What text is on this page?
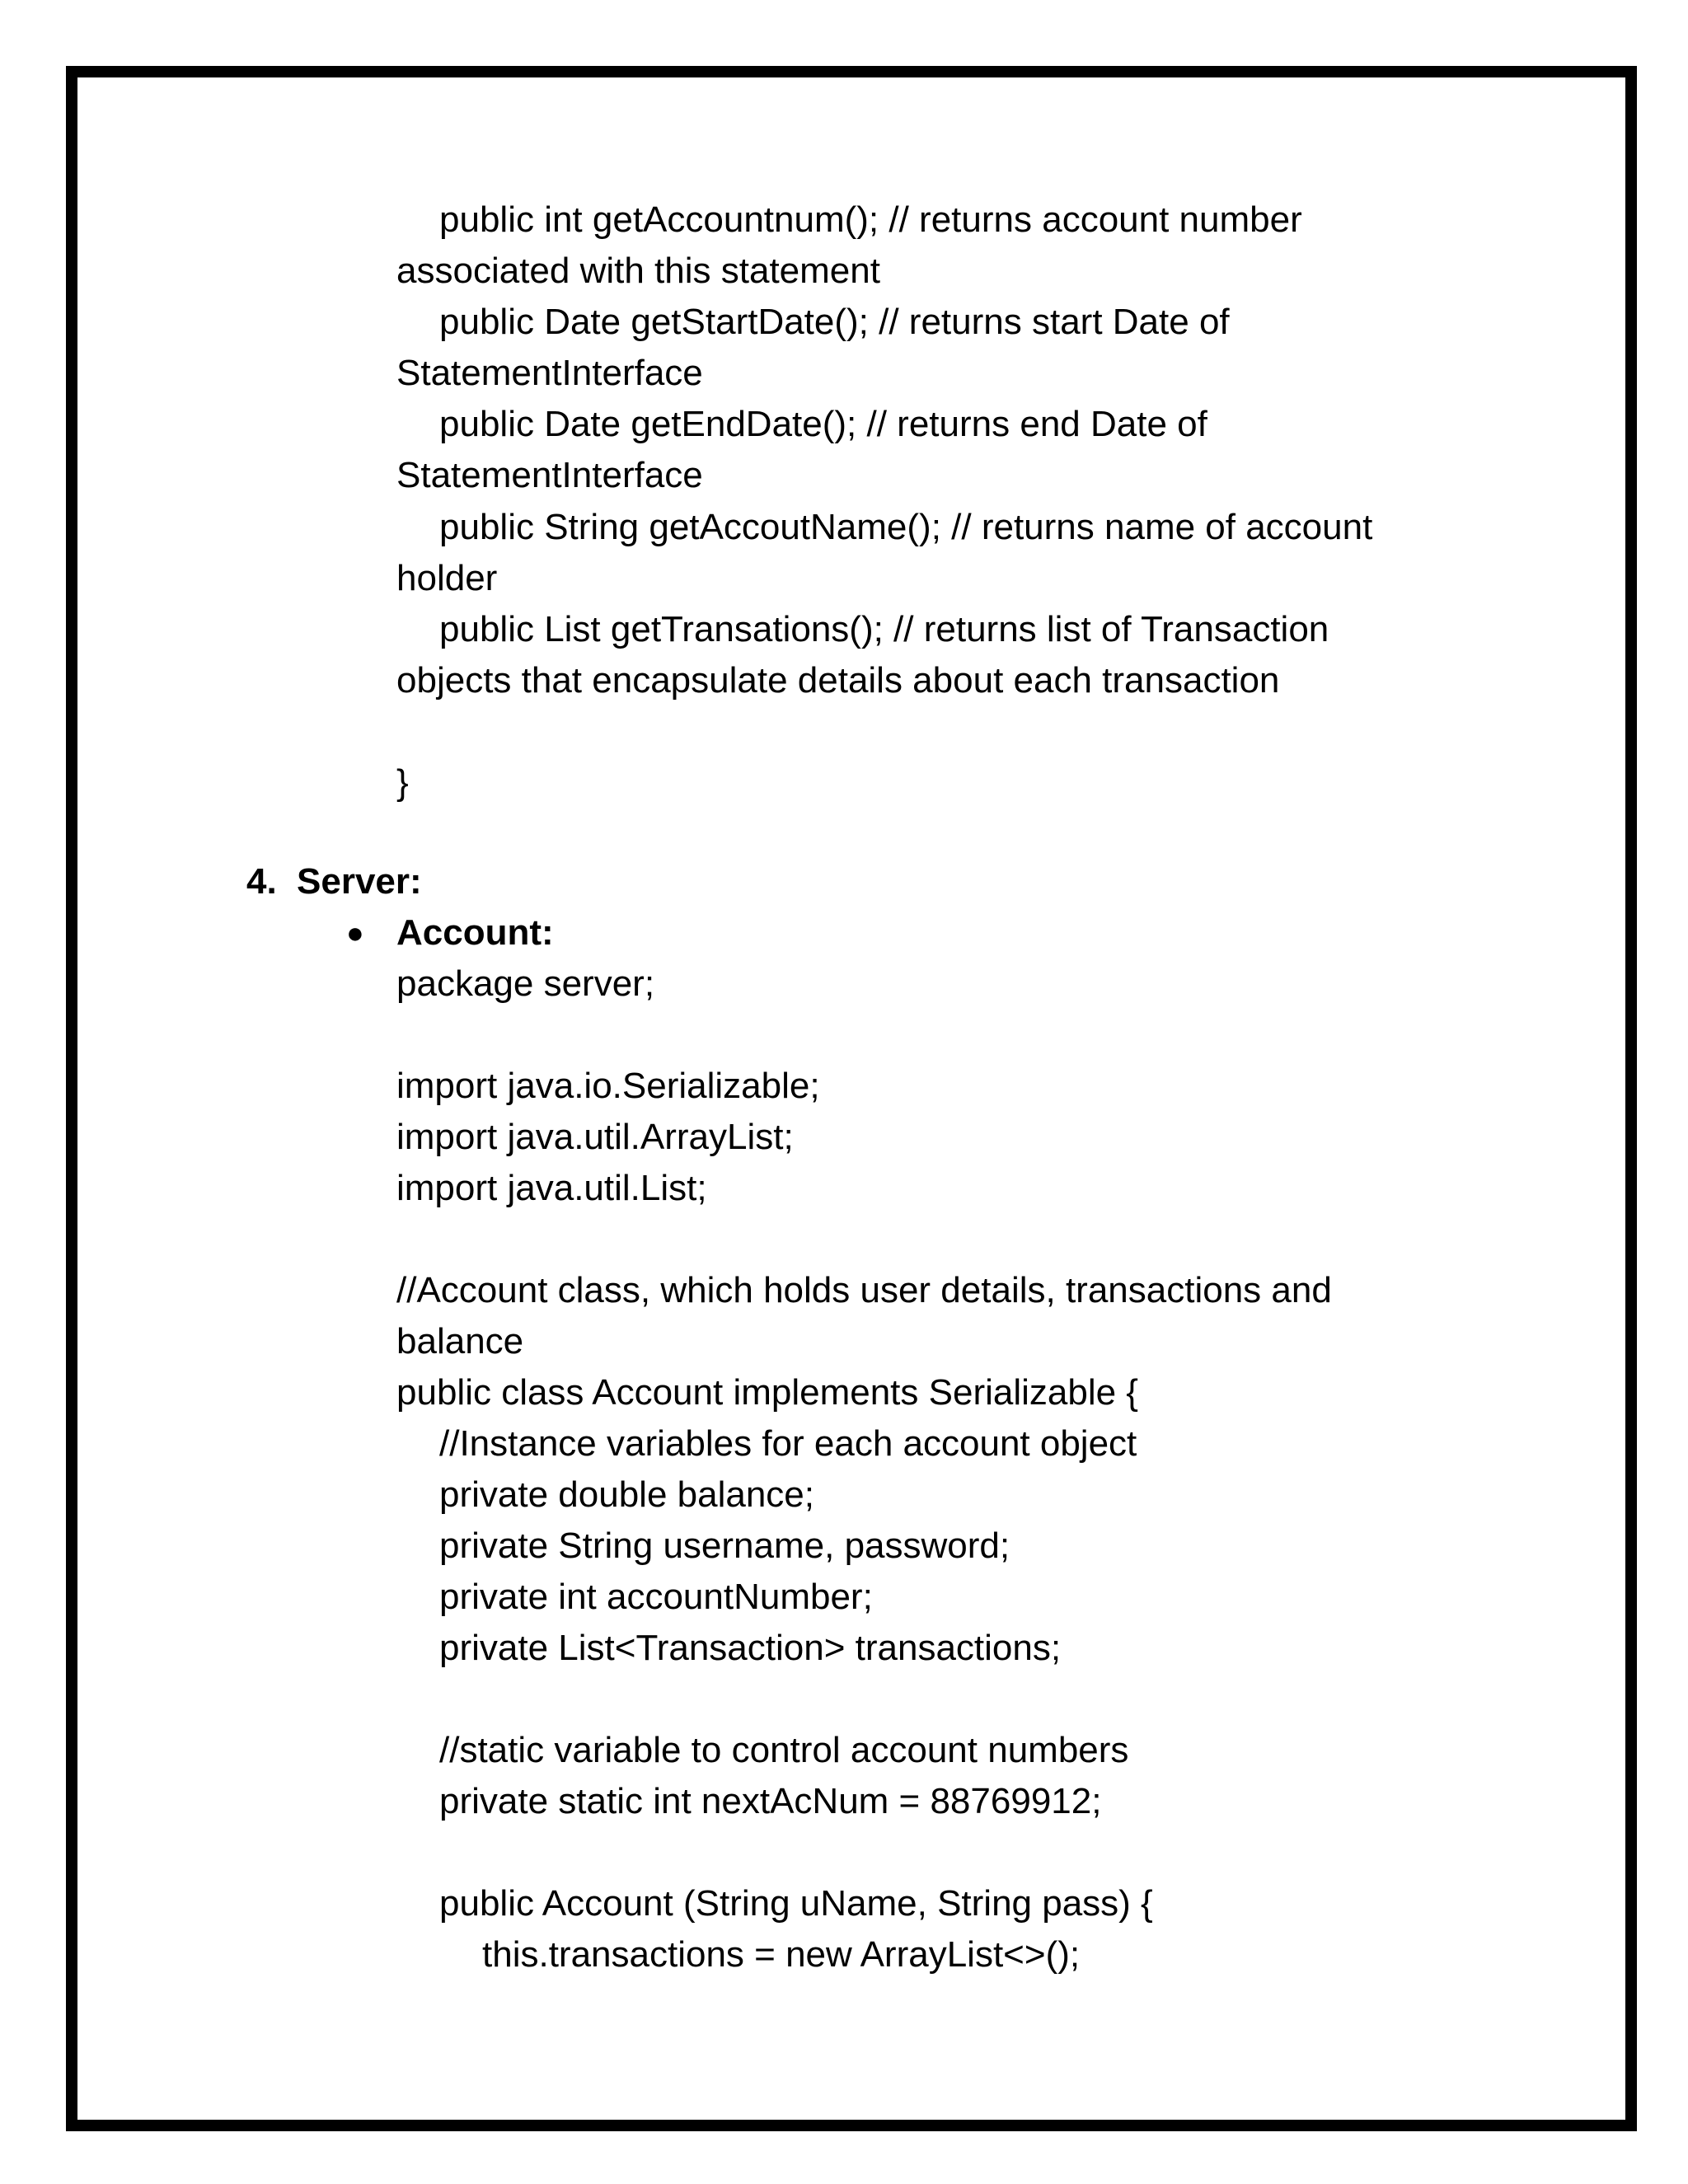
public int getAccountnum(); // returns account number
associated with this statement
public Date getStartDate(); // returns start Date of
StatementInterface
public Date getEndDate(); // returns end Date of
StatementInterface
public String getAccoutName(); // returns name of account
holder
public List getTransations(); // returns list of Transaction
objects that encapsulate details about each transaction
}
4. Server:
● Account:
package server;
import java.io.Serializable;
import java.util.ArrayList;
import java.util.List;
//Account class, which holds user details, transactions and
balance
public class Account implements Serializable {
//Instance variables for each account object
private double balance;
private String username, password;
private int accountNumber;
private List<Transaction> transactions;
//static variable to control account numbers
private static int nextAcNum = 88769912;
public Account (String uName, String pass) {
this.transactions = new ArrayList<>();
